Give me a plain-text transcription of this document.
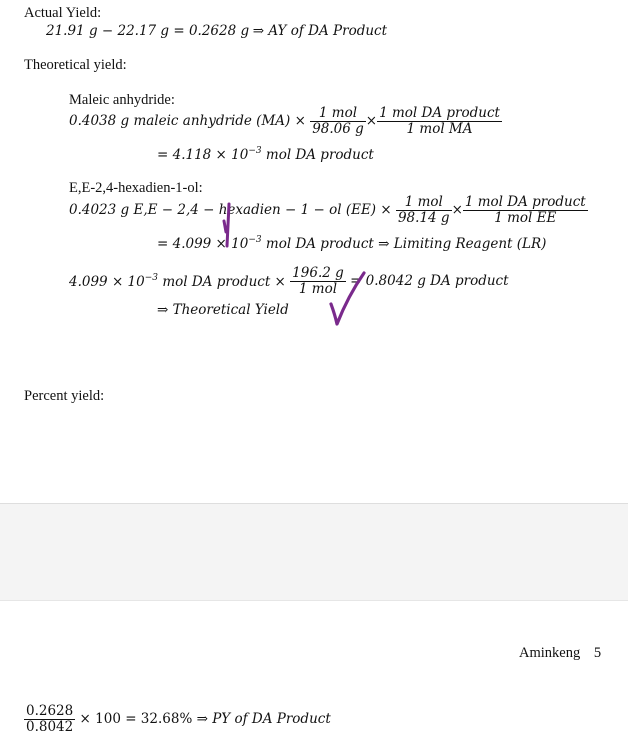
Actual Yield:
21.91 g − 22.17 g = 0.2628 g ⇒ AY of DA Product
Theoretical yield:
Maleic anhydride:
0.4038 g maleic anhydride $(MA) \times \frac{\text{1 mol}}{98.06 g} \times \frac{\text{1 mol DA product}}{\text{1 mol MA}}$
= $4.118 \times 10^{-3}$ mol DA product
E,E-2,4-hexadien-1-ol:
0.4023 g E,E − 2,4 − hexadien − 1 − ol $(EE) \times \frac{\text{1 mol}}{98.14 g} \times \frac{\text{1 mol DA product}}{\text{1 mol EE}}$
= $4.099 \times 10^{-3}$ mol DA product ⇒ Limiting Reagent (LR)
$4.099 \times 10^{-3}$ mol DA product × $\frac{196.2 g}{\text{1 mol}} = 0.8042$ g DA product
⇒ Theoretical Yield
Percent yield:
Aminkeng 5
$\frac{0.2628}{0.8042} \times 100 = 32.68\%$ ⇒ PY of DA Product
